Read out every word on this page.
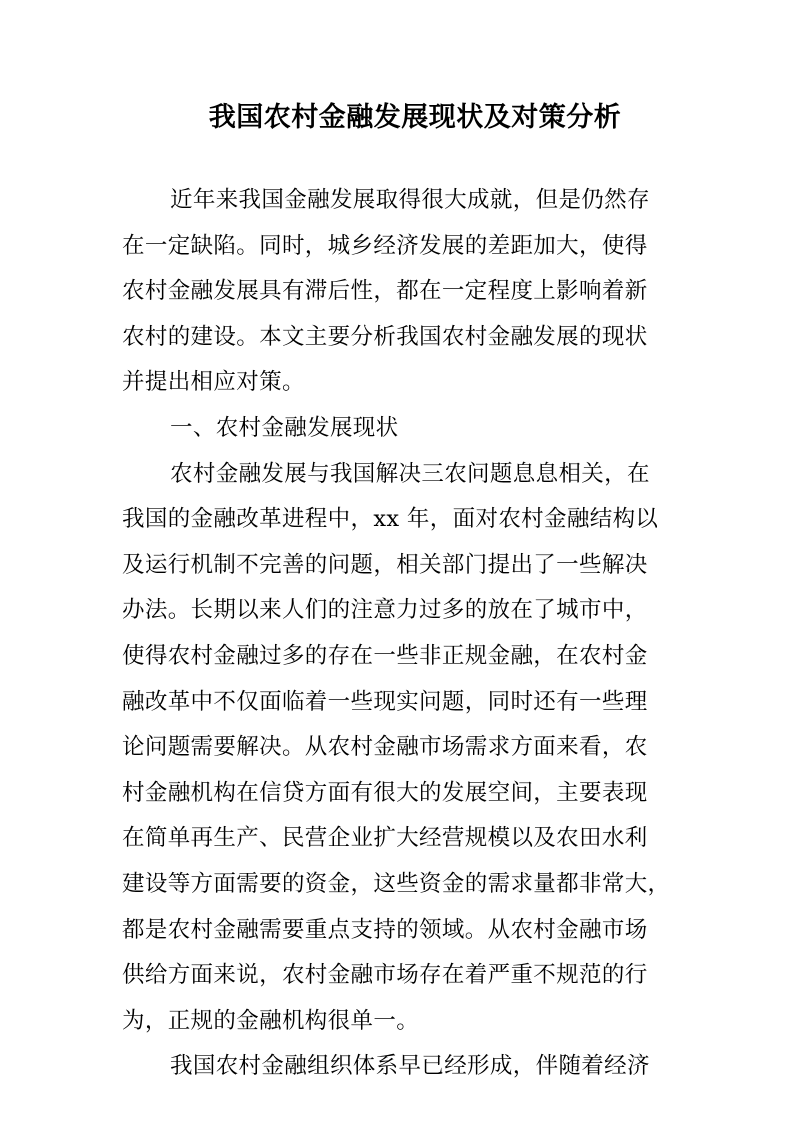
我国农村金融发展现状及对策分析
近年来我国金融发展取得很大成就，但是仍然存
在一定缺陷。同时，城乡经济发展的差距加大，使得
农村金融发展具有滞后性，都在一定程度上影响着新
农村的建设。本文主要分析我国农村金融发展的现状
并提出相应对策。
一、农村金融发展现状
农村金融发展与我国解决三农问题息息相关，在
我国的金融改革进程中，xx 年，面对农村金融结构以
及运行机制不完善的问题，相关部门提出了一些解决
办法。长期以来人们的注意力过多的放在了城市中，
使得农村金融过多的存在一些非正规金融，在农村金
融改革中不仅面临着一些现实问题，同时还有一些理
论问题需要解决。从农村金融市场需求方面来看，农
村金融机构在信贷方面有很大的发展空间，主要表现
在简单再生产、民营企业扩大经营规模以及农田水利
建设等方面需要的资金，这些资金的需求量都非常大，
都是农村金融需要重点支持的领域。从农村金融市场
供给方面来说，农村金融市场存在着严重不规范的行
为，正规的金融机构很单一。
我国农村金融组织体系早已经形成，伴随着经济
